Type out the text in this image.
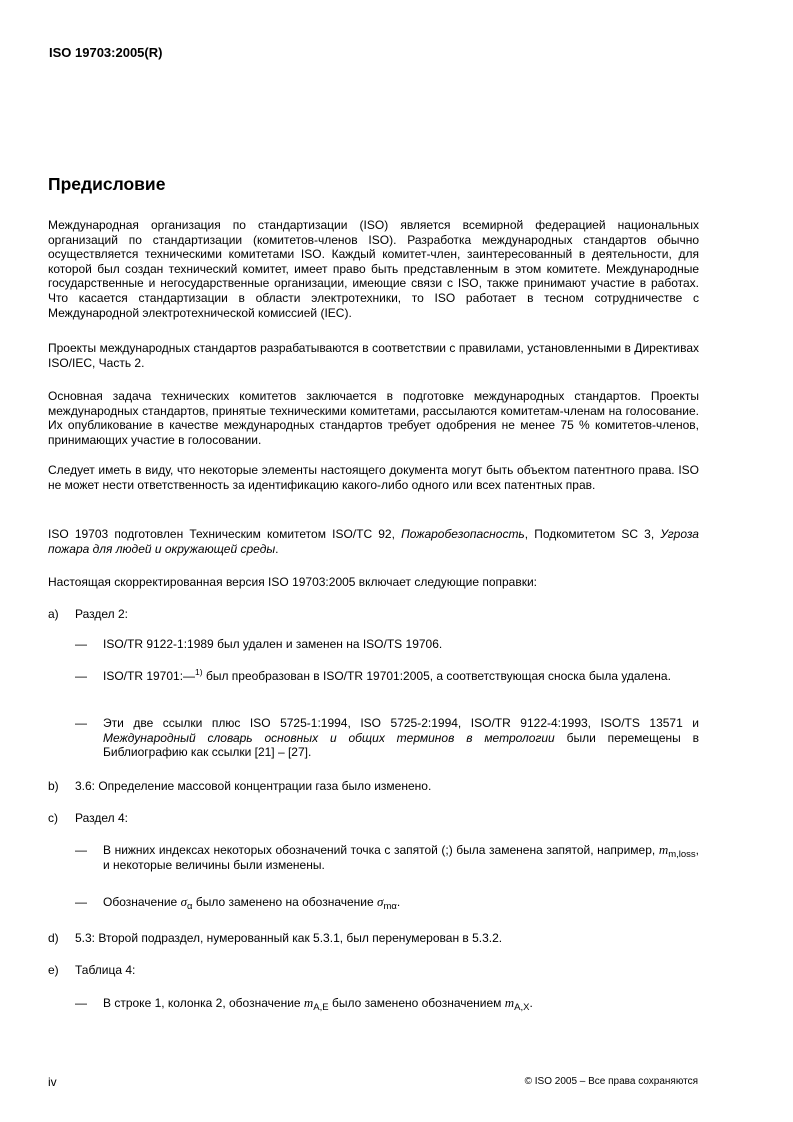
ISO 19703:2005(R)
Предисловие

Международная организация по стандартизации (ISO) является всемирной федерацией национальных организаций по стандартизации (комитетов-членов ISO). Разработка международных стандартов обычно осуществляется техническими комитетами ISO. Каждый комитет-член, заинтересованный в деятельности, для которой был создан технический комитет, имеет право быть представленным в этом комитете. Международные государственные и негосударственные организации, имеющие связи с ISO, также принимают участие в работах. Что касается стандартизации в области электротехники, то ISO работает в тесном сотрудничестве с Международной электротехнической комиссией (IEC).

Проекты международных стандартов разрабатываются в соответствии с правилами, установленными в Директивах ISO/IEC, Часть 2.

Основная задача технических комитетов заключается в подготовке международных стандартов. Проекты международных стандартов, принятые техническими комитетами, рассылаются комитетам-членам на голосование. Их опубликование в качестве международных стандартов требует одобрения не менее 75 % комитетов-членов, принимающих участие в голосовании.

Следует иметь в виду, что некоторые элементы настоящего документа могут быть объектом патентного права. ISO не может нести ответственность за идентификацию какого-либо одного или всех патентных прав.

ISO 19703 подготовлен Техническим комитетом ISO/TC 92, Пожаробезопасность, Подкомитетом SC 3, Угроза пожара для людей и окружающей среды.

Настоящая скорректированная версия ISO 19703:2005 включает следующие поправки:

a) Раздел 2:
— ISO/TR 9122-1:1989 был удален и заменен на ISO/TS 19706.
— ISO/TR 19701:—$^{1)}$ был преобразован в ISO/TR 19701:2005, а соответствующая сноска была удалена.
— Эти две ссылки плюс ISO 5725-1:1994, ISO 5725-2:1994, ISO/TR 9122-4:1993, ISO/TS 13571 и Международный словарь основных и общих терминов в метрологии были перемещены в Библиографию как ссылки [21] – [27].
b) 3.6: Определение массовой концентрации газа было изменено.
c) Раздел 4:
— В нижних индексах некоторых обозначений точка с запятой (;) была заменена запятой, например, $m_{m,loss}$, и некоторые величины были изменены.
— Обозначение $\sigma_\alpha$ было заменено на обозначение $\sigma_{m\alpha}$.
d) 5.3: Второй подраздел, нумерованный как 5.3.1, был перенумерован в 5.3.2.
e) Таблица 4:
— В строке 1, колонка 2, обозначение $m_{A,E}$ было заменено обозначением $m_{A,X}$.
iv	© ISO 2005 – Все права сохраняются
